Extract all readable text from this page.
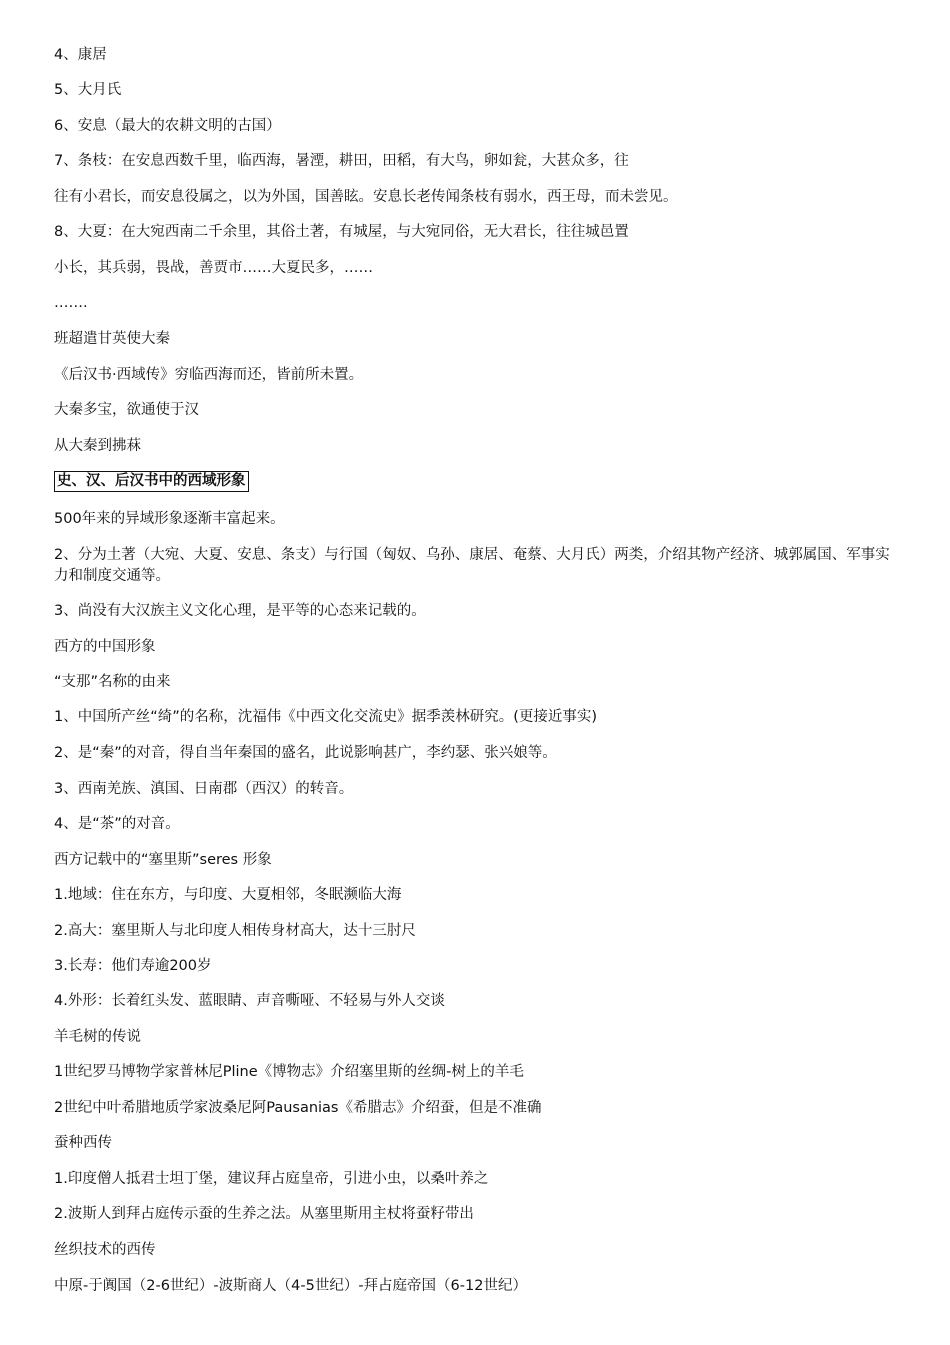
4、康居
5、大月氏
6、安息（最大的农耕文明的古国）
7、条枝：在安息西数千里，临西海，暑湮，耕田，田稻，有大鸟，卵如瓮，大甚众多，往
往有小君长，而安息役属之，以为外国，国善眩。安息长老传闻条枝有弱水，西王母，而未尝见。
8、大夏：在大宛西南二千余里，其俗土著，有城屋，与大宛同俗，无大君长，往往城邑置
小长，其兵弱，畏战，善贾市……大夏民多，……
…….
班超遣甘英使大秦
《后汉书·西域传》穷临西海而还，皆前所未置。
大秦多宝，欲通使于汉
从大秦到拂菻
史、汉、后汉书中的西域形象
500年来的异域形象逐渐丰富起来。
2、分为土著（大宛、大夏、安息、条支）与行国（匈奴、乌孙、康居、奄蔡、大月氏）两类，介绍其物产经济、城郭属国、军事实力和制度交通等。
3、尚没有大汉族主义文化心理，是平等的心态来记载的。
西方的中国形象
“支那”名称的由来
1、中国所产丝“绮”的名称，沈福伟《中西文化交流史》据季羡林研究。(更接近事实)
2、是“秦”的对音，得自当年秦国的盛名，此说影响甚广，李约瑟、张兴娘等。
3、西南羌族、滇国、日南郡（西汉）的转音。
4、是“茶”的对音。
西方记载中的“塞里斯”seres 形象
1.地域：住在东方，与印度、大夏相邻，冬眠濒临大海
2.高大：塞里斯人与北印度人相传身材高大，达十三肘尺
3.长寿：他们寿逾200岁
4.外形：长着红头发、蓝眼睛、声音嘶哑、不轻易与外人交谈
羊毛树的传说
1世纪罗马博物学家普林尼Pline《博物志》介绍塞里斯的丝绸-树上的羊毛
2世纪中叶希腊地质学家波桑尼阿Pausanias《希腊志》介绍蚕，但是不准确
蚕种西传
1.印度僧人抵君士坦丁堡，建议拜占庭皇帝，引进小虫，以桑叶养之
2.波斯人到拜占庭传示蚕的生养之法。从塞里斯用主杖将蚕籽带出
丝织技术的西传
中原-于阗国（2-6世纪）-波斯商人（4-5世纪）-拜占庭帝国（6-12世纪）
